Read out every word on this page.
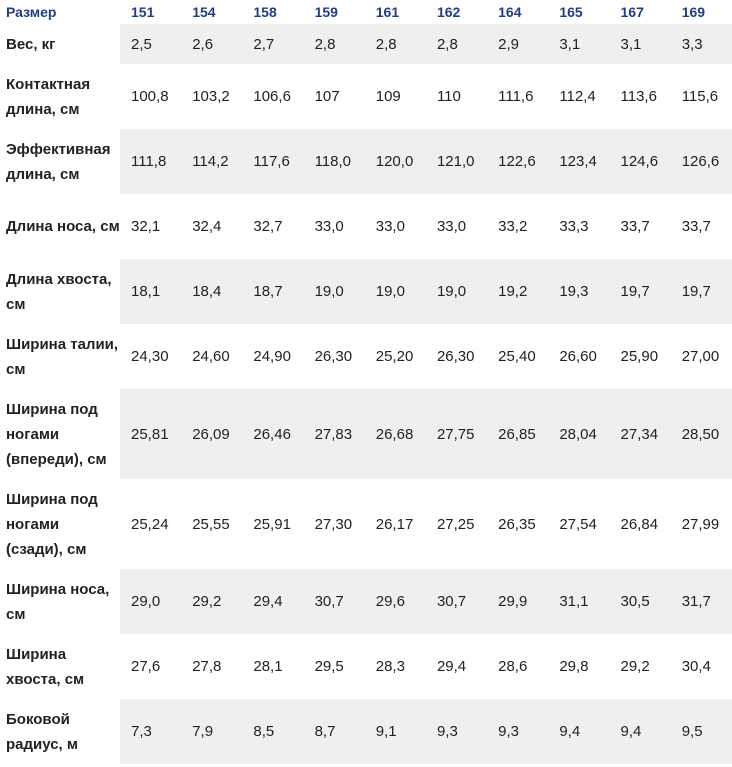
Размер	151	154	158	159	161	162	164	165	167	169
Вес, кг	2,5	2,6	2,7	2,8	2,8	2,8	2,9	3,1	3,1	3,3
Контактная длина, см	100,8	103,2	106,6	107	109	110	111,6	112,4	113,6	115,6
Эффективная длина, см	111,8	114,2	117,6	118,0	120,0	121,0	122,6	123,4	124,6	126,6
Длина носа, см	32,1	32,4	32,7	33,0	33,0	33,0	33,2	33,3	33,7	33,7
Длина хвоста, см	18,1	18,4	18,7	19,0	19,0	19,0	19,2	19,3	19,7	19,7
Ширина талии, см	24,30	24,60	24,90	26,30	25,20	26,30	25,40	26,60	25,90	27,00
Ширина под ногами (впереди), см	25,81	26,09	26,46	27,83	26,68	27,75	26,85	28,04	27,34	28,50
Ширина под ногами (сзади), см	25,24	25,55	25,91	27,30	26,17	27,25	26,35	27,54	26,84	27,99
Ширина носа, см	29,0	29,2	29,4	30,7	29,6	30,7	29,9	31,1	30,5	31,7
Ширина хвоста, см	27,6	27,8	28,1	29,5	28,3	29,4	28,6	29,8	29,2	30,4
Боковой радиус, м	7,3	7,9	8,5	8,7	9,1	9,3	9,3	9,4	9,4	9,5
